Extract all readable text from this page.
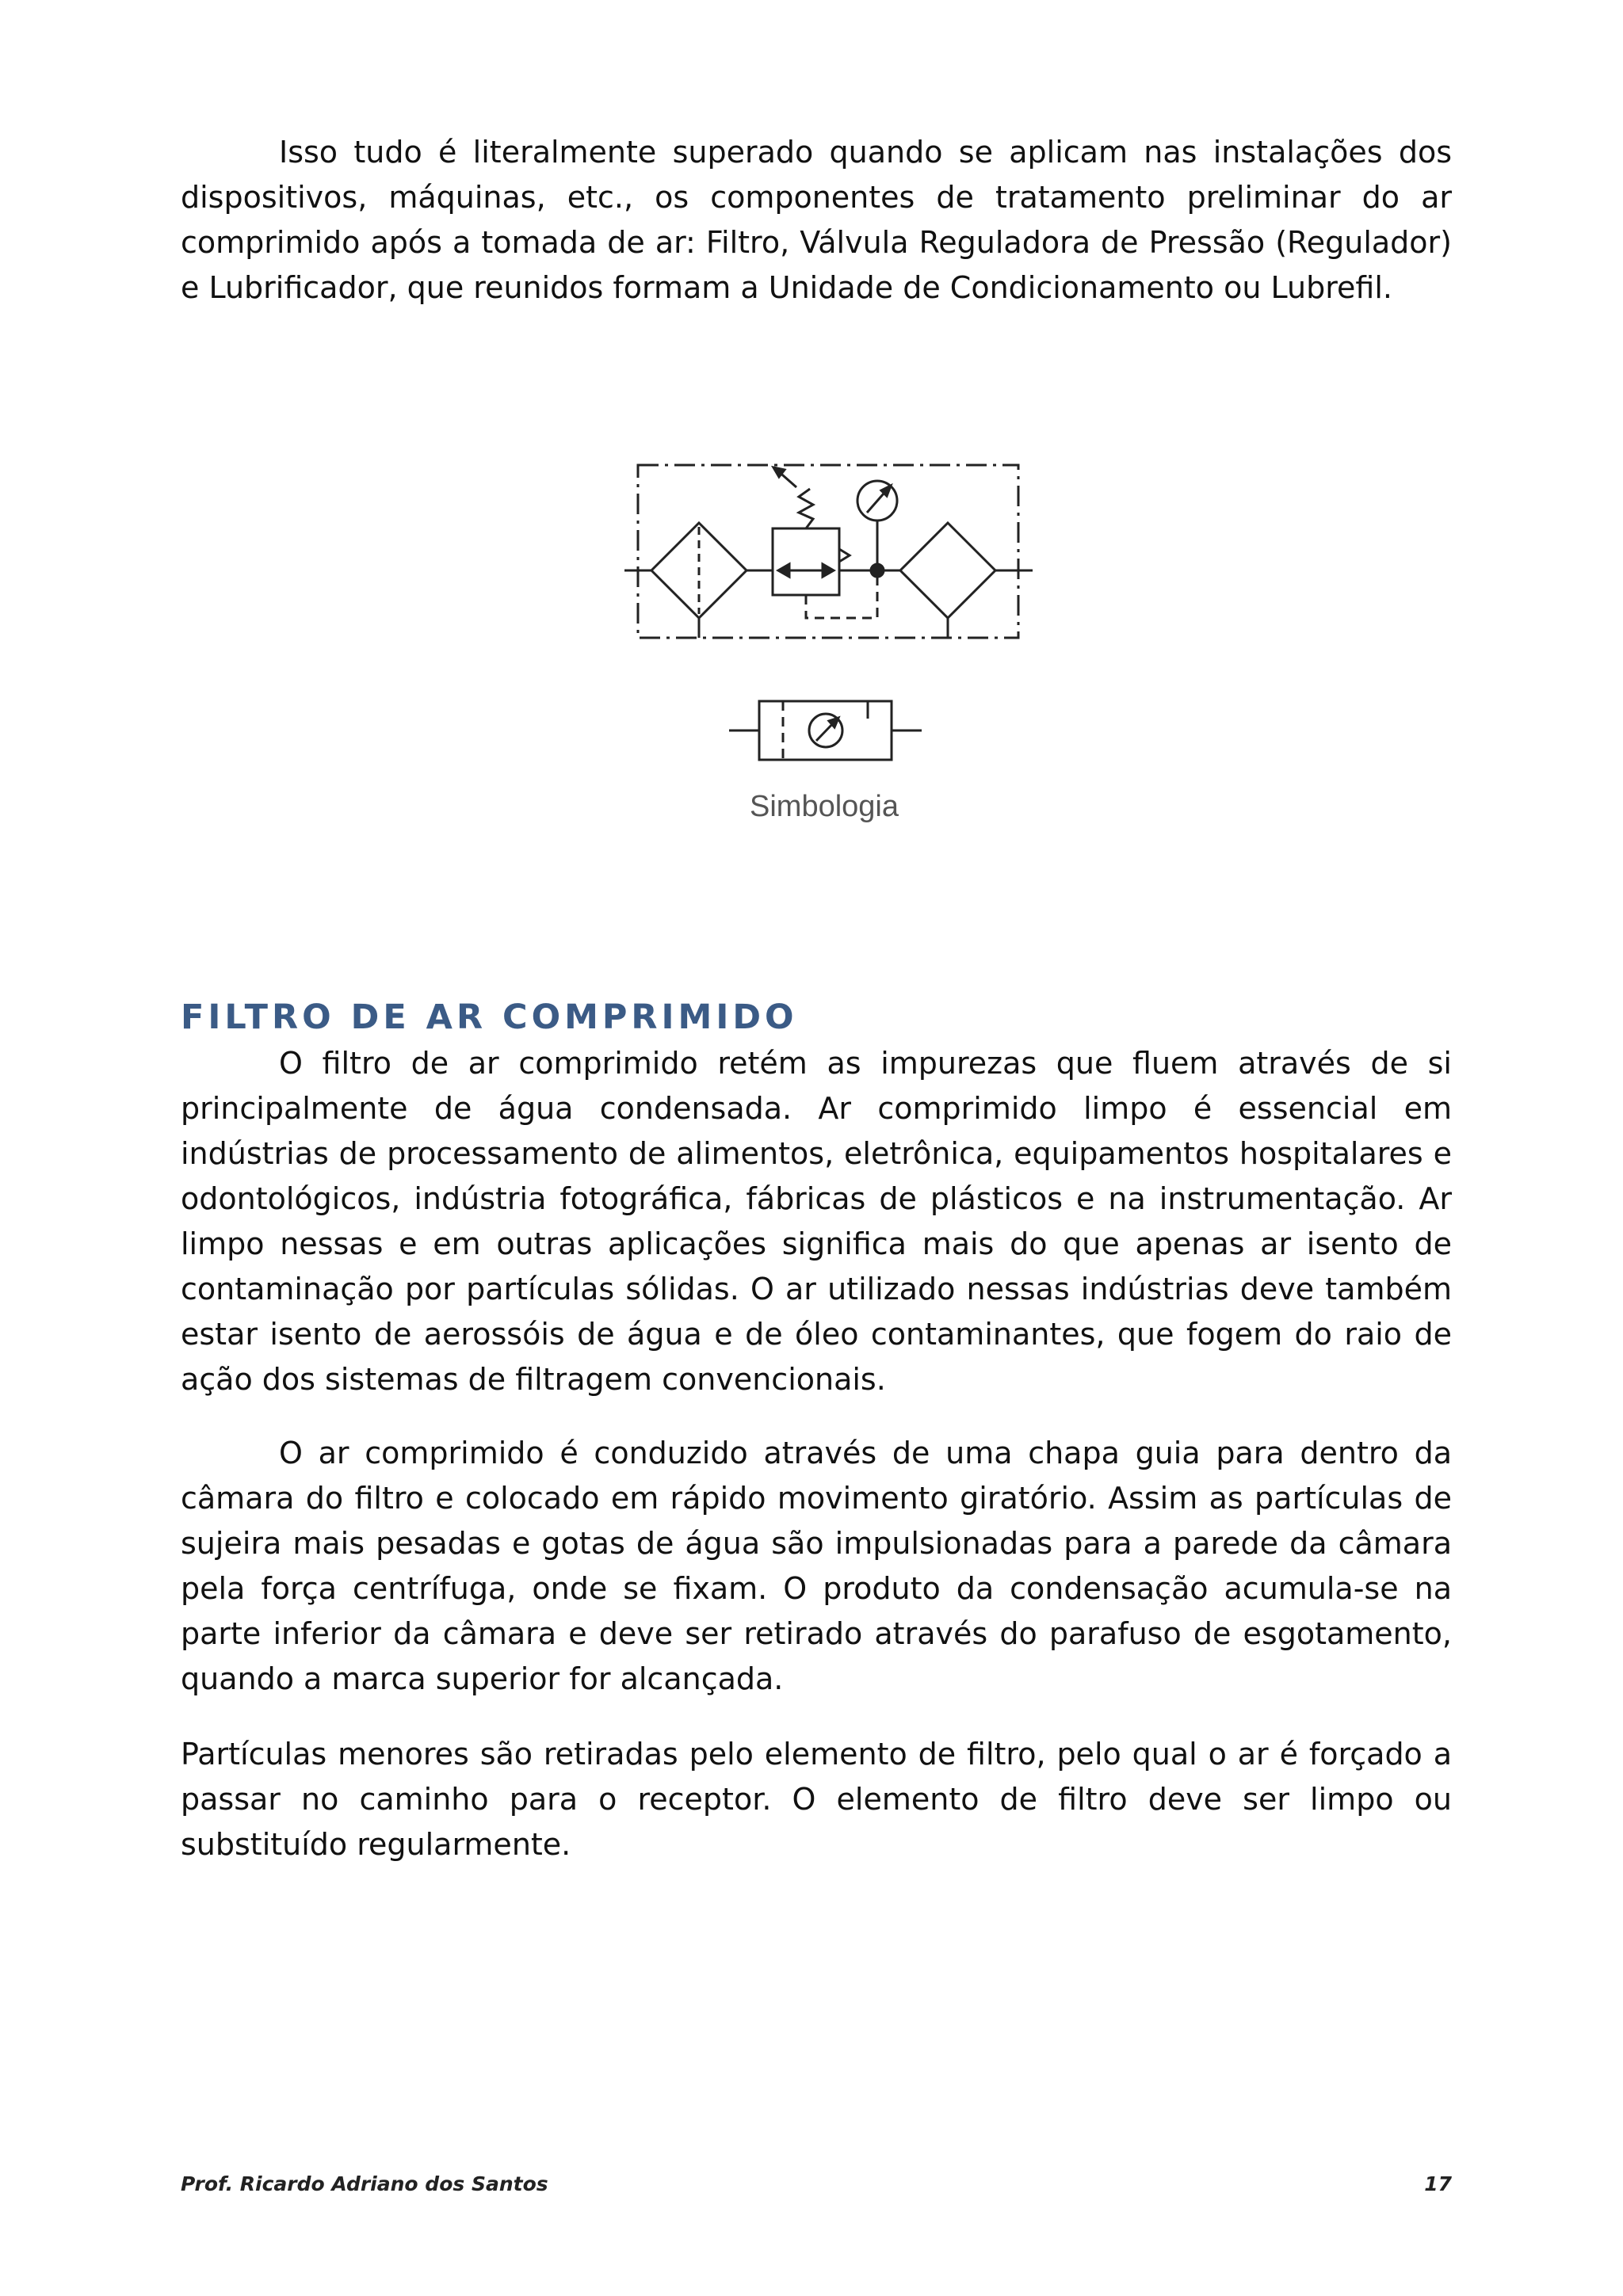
Isso tudo é literalmente superado quando se aplicam nas instalações dos dispositivos, máquinas, etc., os componentes de tratamento preliminar do ar comprimido após a tomada de ar: Filtro, Válvula Reguladora de Pressão (Regulador) e Lubrificador, que reunidos formam a Unidade de Condicionamento ou Lubrefil.

Simbologia
FILTRO DE AR COMPRIMIDO

O filtro de ar comprimido retém as impurezas que fluem através de si principalmente de água condensada. Ar comprimido limpo é essencial em indústrias de processamento de alimentos, eletrônica, equipamentos hospitalares e odontológicos, indústria fotográfica, fábricas de plásticos e na instrumentação. Ar limpo nessas e em outras aplicações significa mais do que apenas ar isento de contaminação por partículas sólidas. O ar utilizado nessas indústrias deve também estar isento de aerossóis de água e de óleo contaminantes, que fogem do raio de ação dos sistemas de filtragem convencionais.

O ar comprimido é conduzido através de uma chapa guia para dentro da câmara do filtro e colocado em rápido movimento giratório. Assim as partículas de sujeira mais pesadas e gotas de água são impulsionadas para a parede da câmara pela força centrífuga, onde se fixam. O produto da condensação acumula-se na parte inferior da câmara e deve ser retirado através do parafuso de esgotamento, quando a marca superior for alcançada.

Partículas menores são retiradas pelo elemento de filtro, pelo qual o ar é forçado a passar no caminho para o receptor. O elemento de filtro deve ser limpo ou substituído regularmente.

Prof. Ricardo Adriano dos Santos	17
